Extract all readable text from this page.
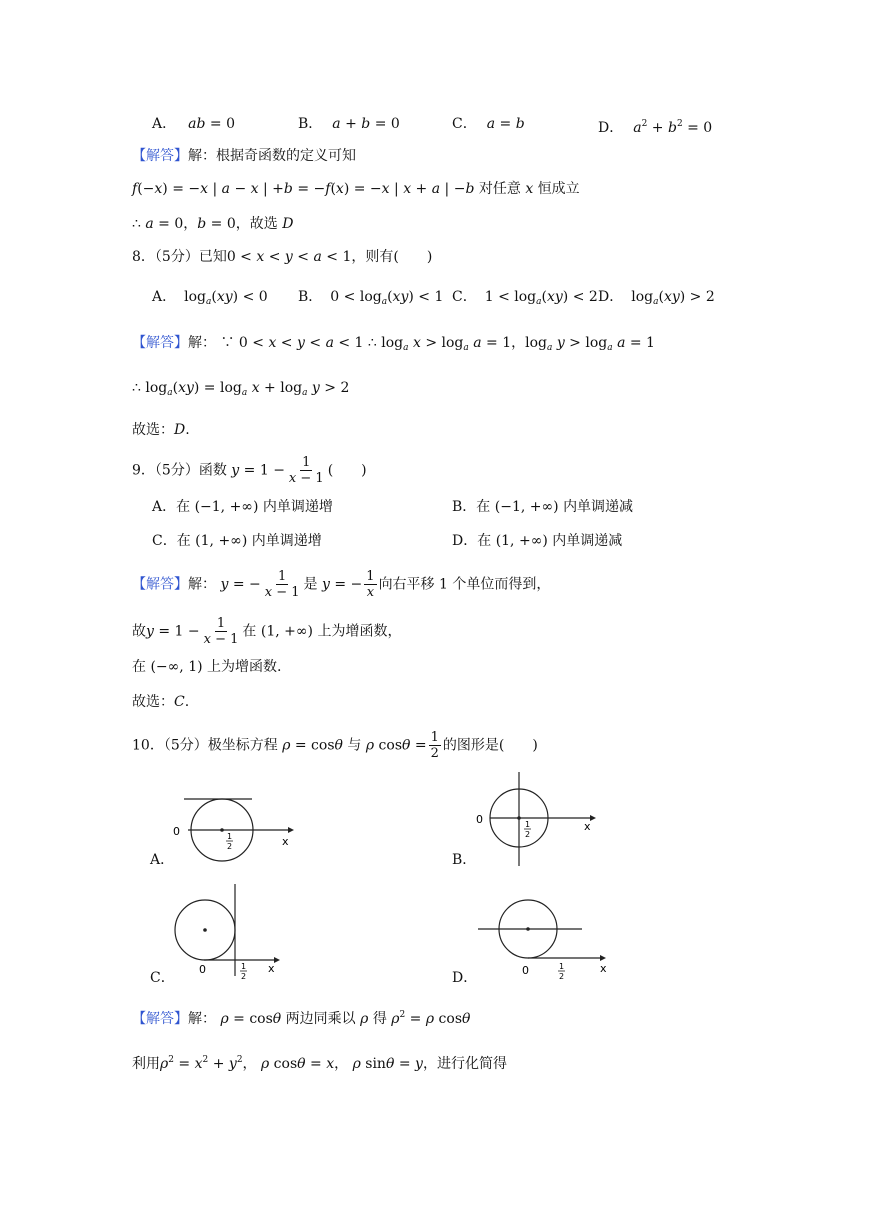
A． ab = 0	B． a + b = 0	C． a = b	D． $a^2 + b^2 = 0$
【解答】解：根据奇函数的定义可知
f(−x) = −x | a − x | +b = −f(x) = −x | x + a | −b 对任意 x 恒成立
∴ a = 0，b = 0，故选 D
8．（5分）已知0 < x < y < a < 1，则有(　　)
A． $\log_a(xy) < 0$ B． $0 < \log_a(xy) < 1$ C． $1 < \log_a(xy) < 2$ D． $\log_a(xy) > 2$
【解答】解： ∵ 0 < x < y < a < 1 ∴ $\log_a x > \log_a a = 1$，$\log_a y > \log_a a = 1$
∴ $\log_a(xy) = \log_a x + \log_a y > 2$
故选：D.
9．（5分）函数 $y = 1 - \frac{1}{x - 1}$ (　　)
A．在 (−1, +∞) 内单调递增	B．在 (−1, +∞) 内单调递减
C．在 (1, +∞) 内单调递增	D．在 (1, +∞) 内单调递减
【解答】解： y = − $\frac{1}{x - 1}$ 是 y = − $\frac{1}{x}$ 向右平移 1 个单位而得到，
故$y = 1 - \frac{1}{x - 1}$ 在 (1, +∞) 上为增函数，
在 (−∞, 1) 上为增函数.
故选：C.
10．（5分）极坐标方程 ρ = cosθ 与 ρ $\cos\theta = \frac{1}{2}$ 的图形是(　　)
0
x
1
2
A．
0
x
1
2
B．
0	x
1
2
C．	0	x
1
2
D．
【解答】解： ρ = cosθ 两边同乘以 ρ 得 $\rho^2 = \rho$ cosθ
利用$\rho^2 = x^2 + y^2$， ρ cosθ = x， ρ sinθ = y，进行化简得
